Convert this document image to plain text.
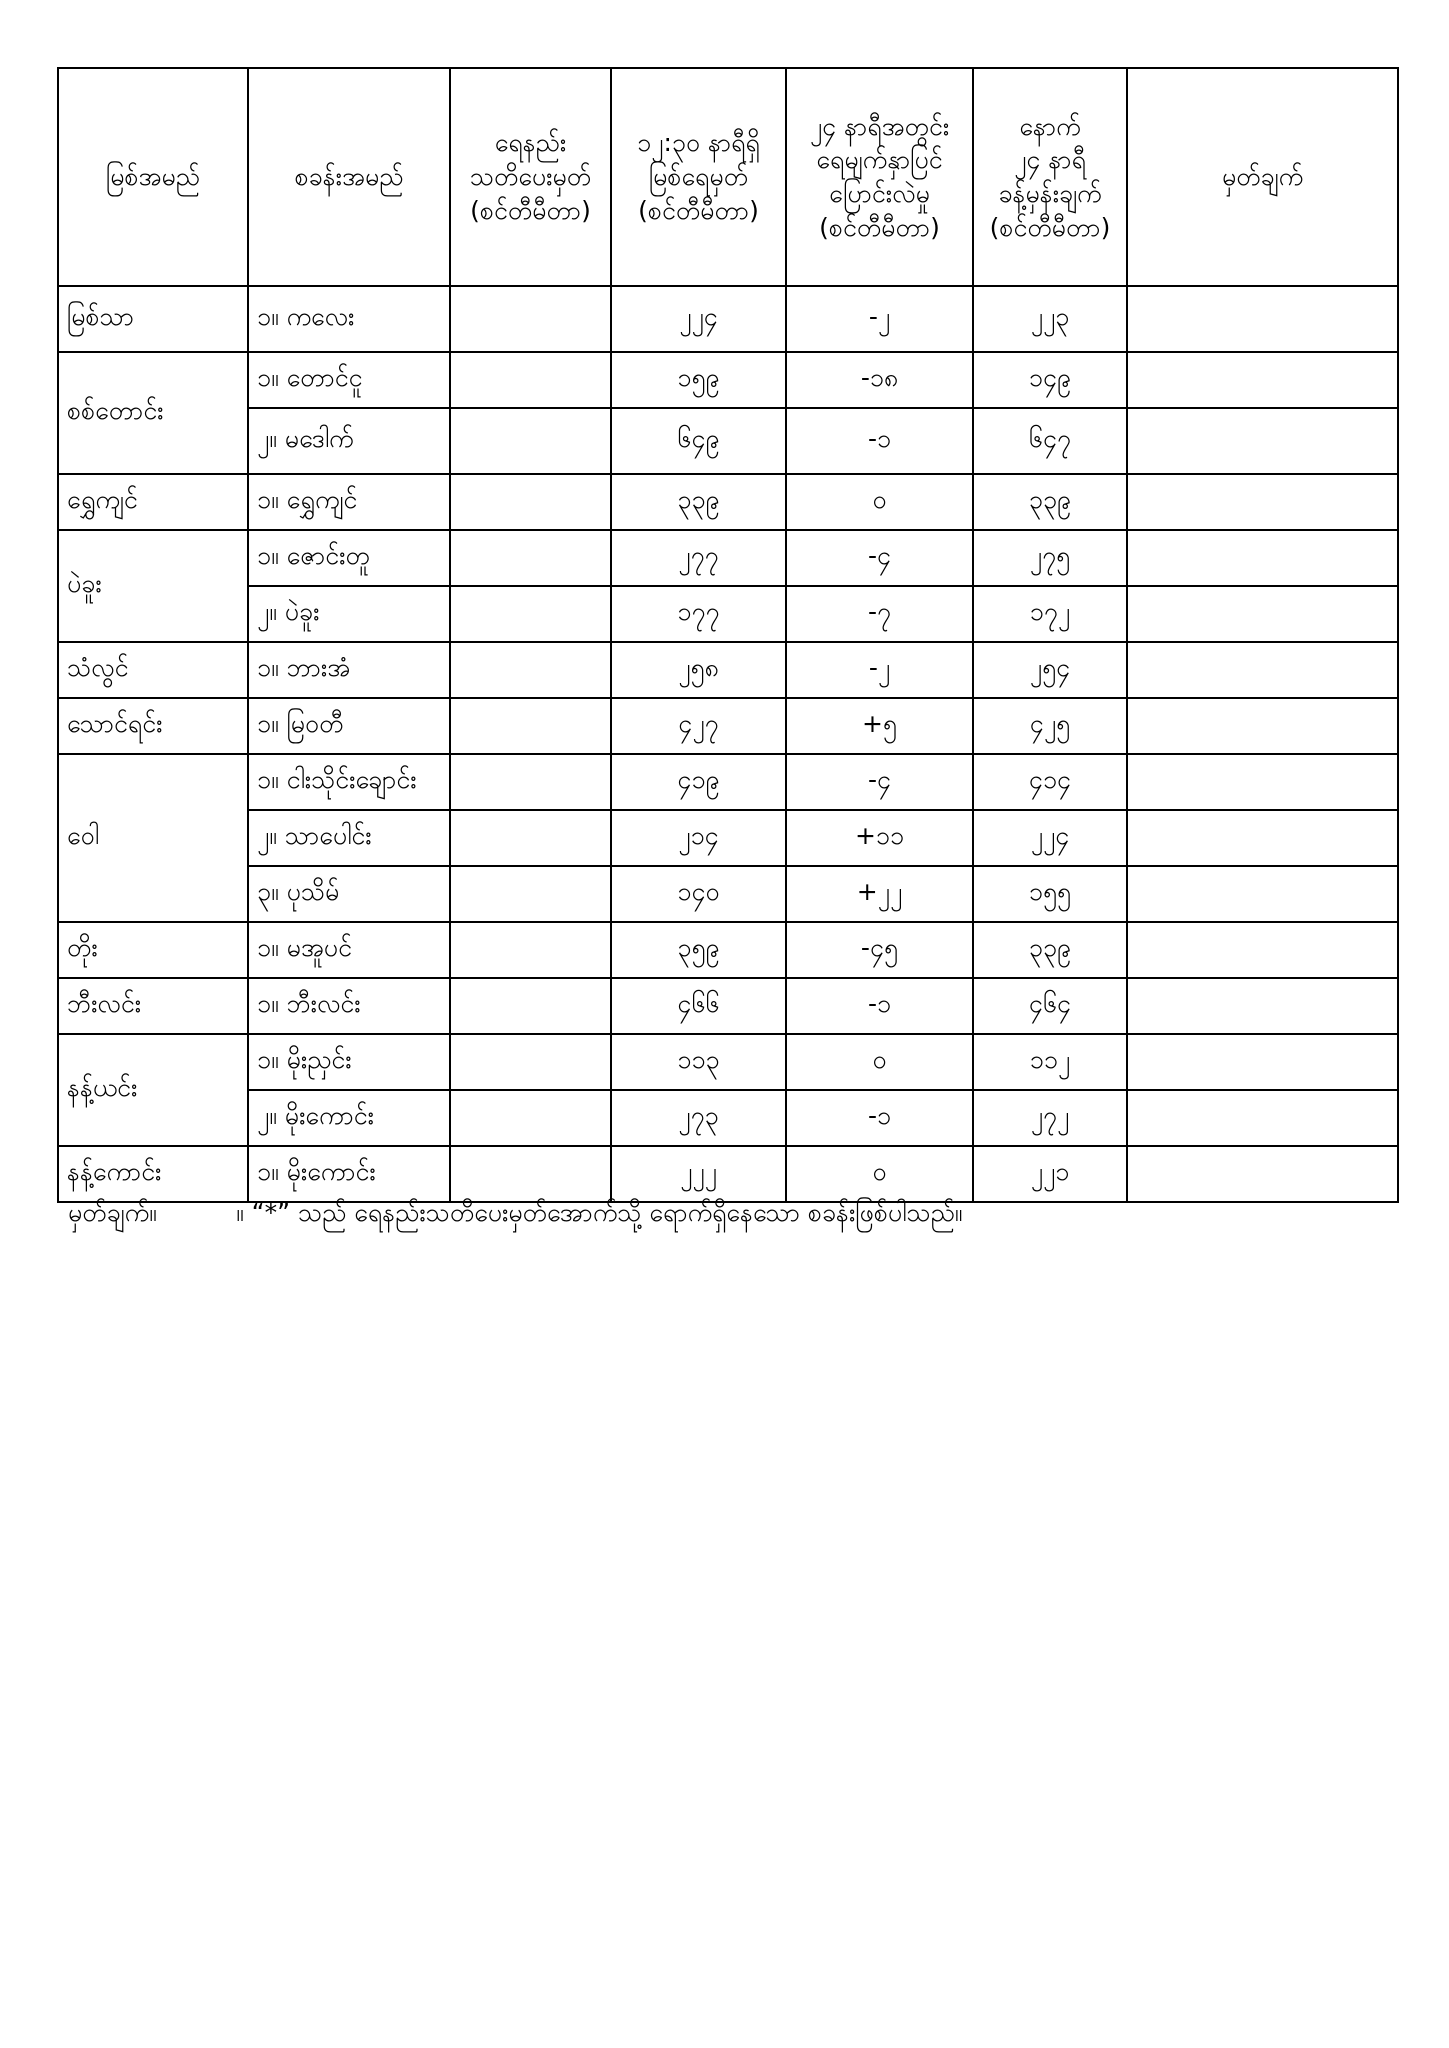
မြစ်အမည်	စခန်းအမည်	ရေနည်း
သတိပေးမှတ်
(စင်တီမီတာ)	၁၂:၃၀ နာရီရှိ
မြစ်ရေမှတ်
(စင်တီမီတာ)	၂၄ နာရီအတွင်း
ရေမျက်နှာပြင်
ပြောင်းလဲမှု
(စင်တီမီတာ)	နောက်
၂၄ နာရီ
ခန့်မှန်းချက်
(စင်တီမီတာ)	မှတ်ချက်
မြစ်သာ	၁။ ကလေး		၂၂၄	-၂	၂၂၃	
စစ်တောင်း	၁။ တောင်ငူ		၁၅၉	-၁၈	၁၄၉	
	၂။ မဒေါက်		၆၄၉	-၁	၆၄၇	
ရွှေကျင်	၁။ ရွှေကျင်		၃၃၉	၀	၃၃၉	
ပဲခူး	၁။ ဇောင်းတူ		၂၇၇	-၄	၂၇၅	
	၂။ ပဲခူး		၁၇၇	-၇	၁၇၂	
သံလွင်	၁။ ဘားအံ		၂၅၈	-၂	၂၅၄	
သောင်ရင်း	၁။ မြဝတီ		၄၂၇	+၅	၄၂၅	
ဝေါ	၁။ ငါးသိုင်းချောင်း		၄၁၉	-၄	၄၁၄	
	၂။ သာပေါင်း		၂၁၄	+၁၁	၂၂၄	
	၃။ ပုသိမ်		၁၄၀	+၂၂	၁၅၅	
တိုး	၁။ မအူပင်		၃၅၉	-၄၅	၃၃၉	
ဘီးလင်း	၁။ ဘီးလင်း		၄၆၆	-၁	၄၆၄	
နန့်ယင်း	၁။ မိုးညှင်း		၁၁၃	၀	၁၁၂	
	၂။ မိုးကောင်း		၂၇၃	-၁	၂၇၂	
နန့်ကောင်း	၁။ မိုးကောင်း		၂၂၂	၀	၂၂၁	
မှတ်ချက်။	။ “*” သည် ရေနည်းသတိပေးမှတ်အောက်သို့ ရောက်ရှိနေသော စခန်းဖြစ်ပါသည်။
